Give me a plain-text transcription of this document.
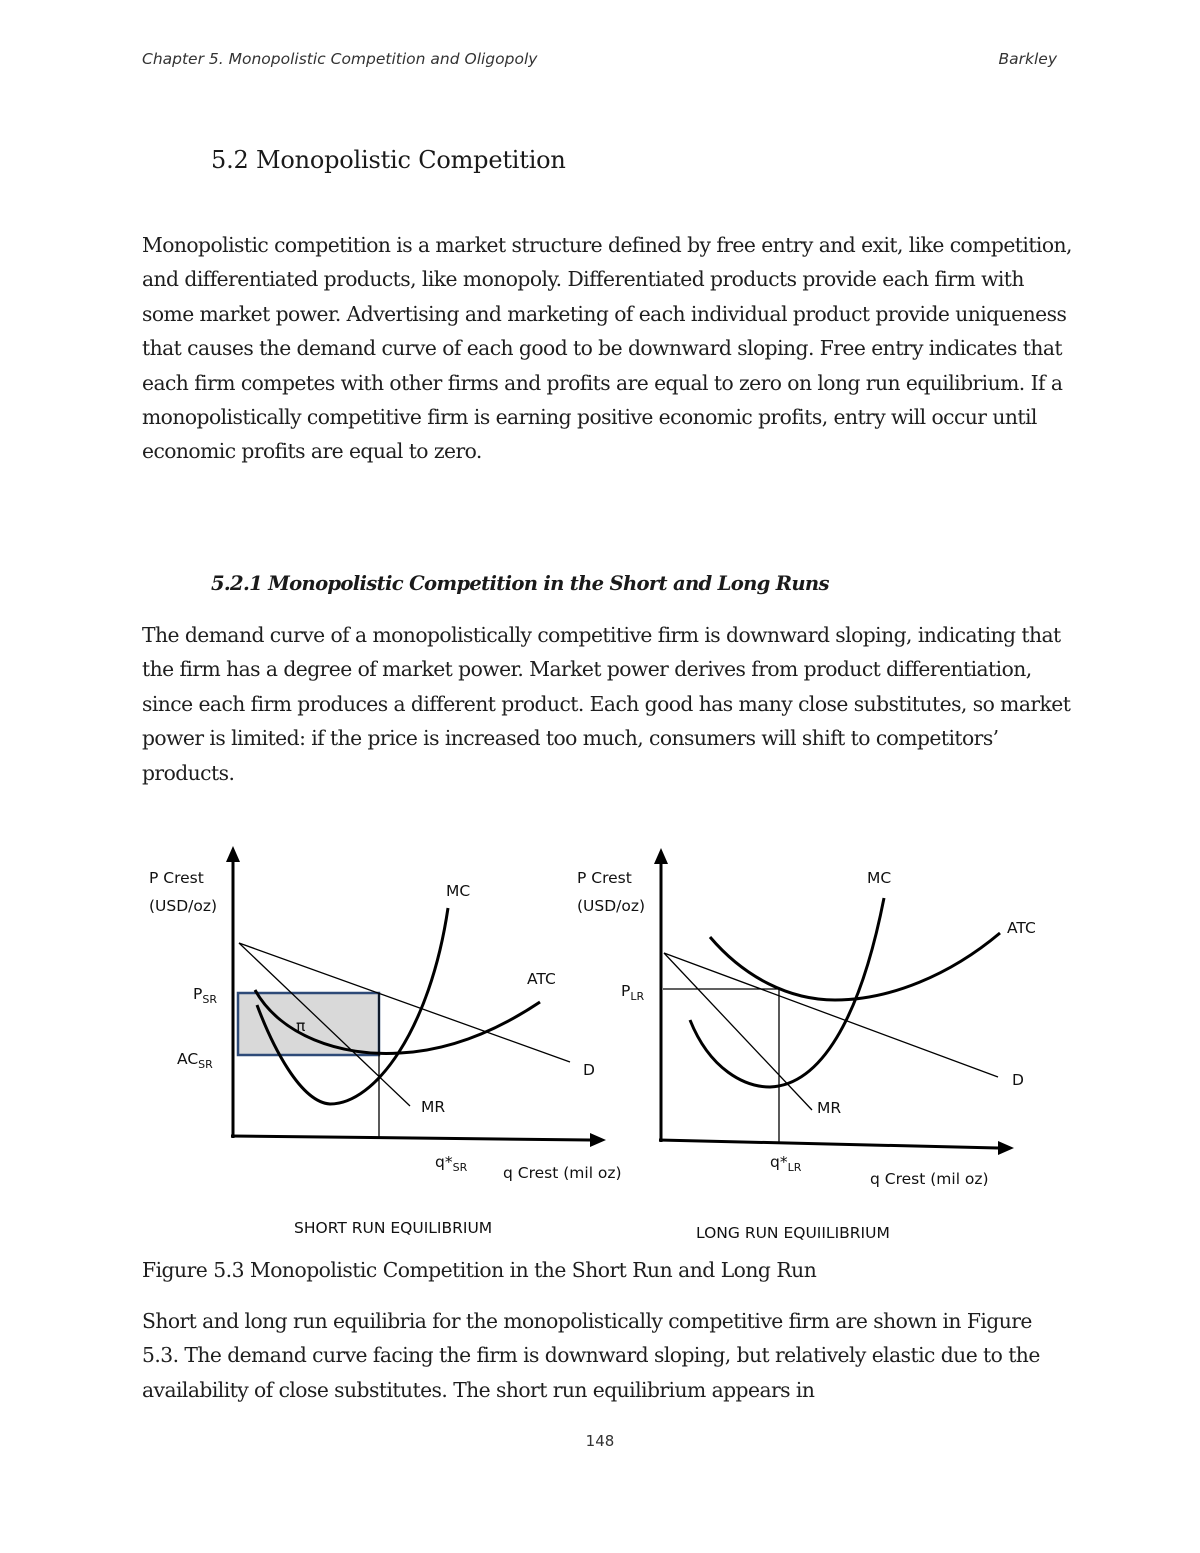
Chapter 5. Monopolistic Competition and Oligopoly	Barkley
5.2 Monopolistic Competition

Monopolistic competition is a market structure defined by free entry and exit, like competition, and differentiated products, like monopoly. Differentiated products provide each firm with some market power. Advertising and marketing of each individual product provide uniqueness that causes the demand curve of each good to be downward sloping. Free entry indicates that each firm competes with other firms and profits are equal to zero on long run equilibrium. If a monopolistically competitive firm is earning positive economic profits, entry will occur until economic profits are equal to zero.

5.2.1 Monopolistic Competition in the Short and Long Runs

The demand curve of a monopolistically competitive firm is downward sloping, indicating that the firm has a degree of market power. Market power derives from product differentiation, since each firm produces a different product. Each good has many close substitutes, so market power is limited: if the price is increased too much, consumers will shift to competitors’ products.

P Crest
(USD/oz)
MC
ATC
D
MR
π
$P_{SR}$
$AC_{SR}$
$q*_{SR}$ q Crest (mil oz)
SHORT RUN EQUILIBRIUM
P Crest
(USD/oz)
MC
ATC
D
MR
$P_{LR}$
$q*_{LR}$
q Crest (mil oz)
LONG RUN EQUIILIBRIUM
Figure 5.3 Monopolistic Competition in the Short Run and Long Run

Short and long run equilibria for the monopolistically competitive firm are shown in Figure 5.3. The demand curve facing the firm is downward sloping, but relatively elastic due to the availability of close substitutes. The short run equilibrium appears in

148
